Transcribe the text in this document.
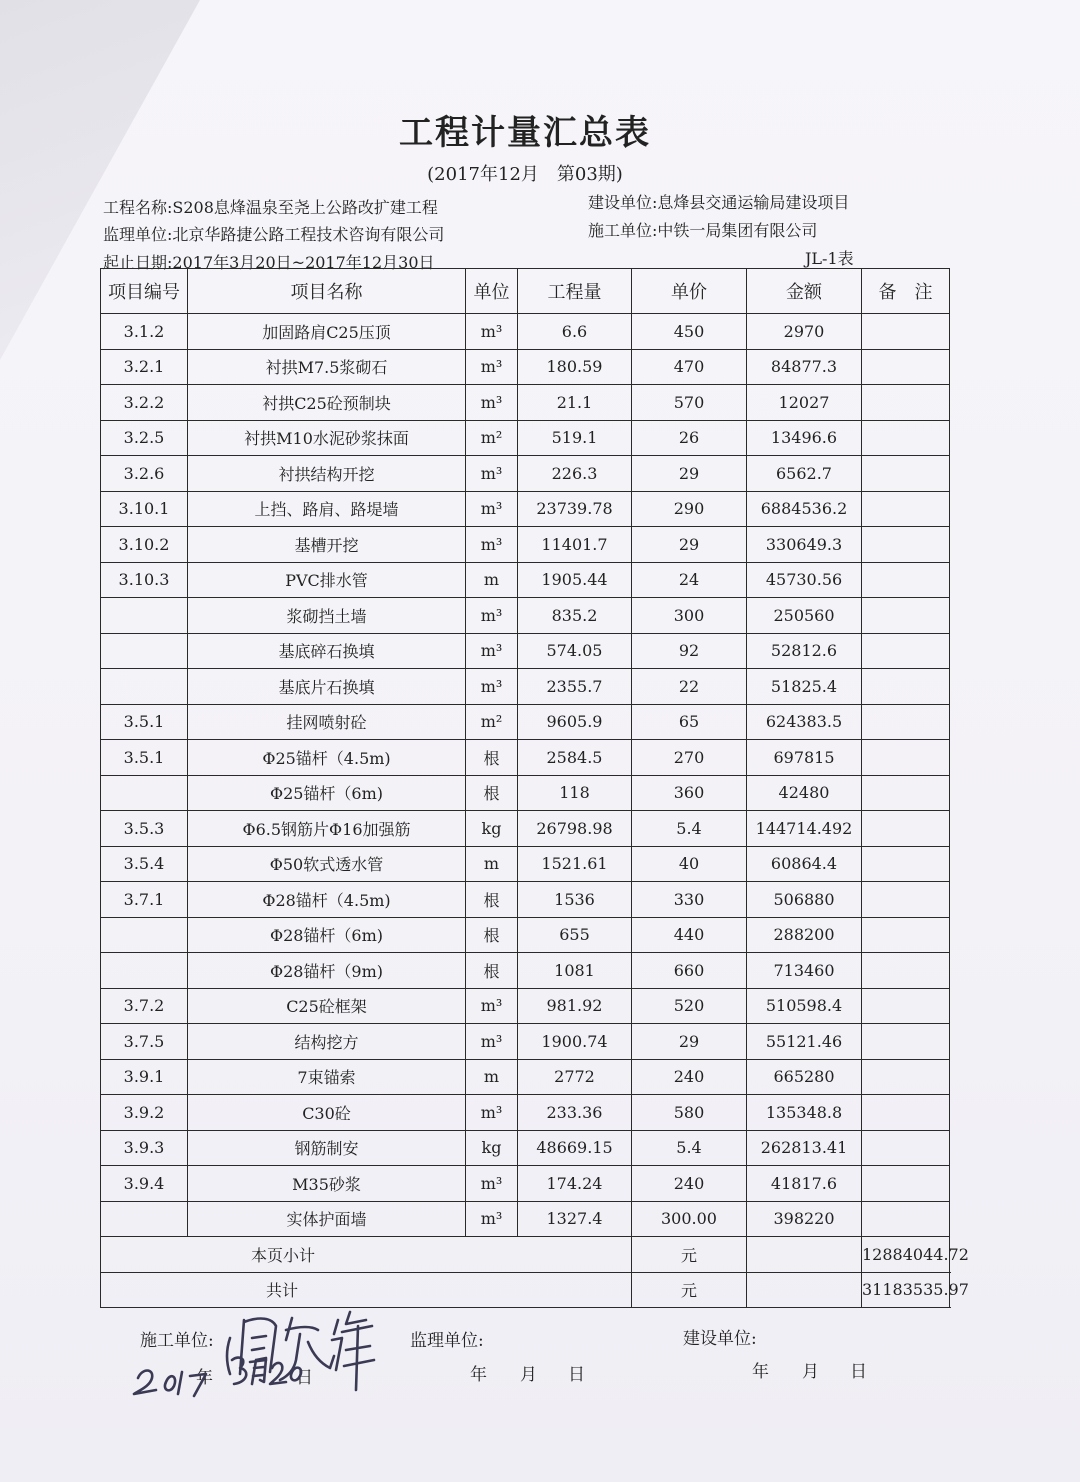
工程计量汇总表
(2017年12月　第03期)
工程名称:S208息烽温泉至尧上公路改扩建工程	建设单位:息烽县交通运输局建设项目
监理单位:北京华路捷公路工程技术咨询有限公司	施工单位:中铁一局集团有限公司
起止日期:2017年3月20日~2017年12月30日	JL-1表
项目编号	项目名称	单位	工程量	单价	金额	备　注
3.1.2	加固路肩C25压顶	m³	6.6	450	2970	
3.2.1	衬拱M7.5浆砌石	m³	180.59	470	84877.3	
3.2.2	衬拱C25砼预制块	m³	21.1	570	12027	
3.2.5	衬拱M10水泥砂浆抹面	m²	519.1	26	13496.6	
3.2.6	衬拱结构开挖	m³	226.3	29	6562.7	
3.10.1	上挡、路肩、路堤墙	m³	23739.78	290	6884536.2	
3.10.2	基槽开挖	m³	11401.7	29	330649.3	
3.10.3	PVC排水管	m	1905.44	24	45730.56	
	浆砌挡土墙	m³	835.2	300	250560	
	基底碎石换填	m³	574.05	92	52812.6	
	基底片石换填	m³	2355.7	22	51825.4	
3.5.1	挂网喷射砼	m²	9605.9	65	624383.5	
3.5.1	Φ25锚杆（4.5m)	根	2584.5	270	697815	
	Φ25锚杆（6m)	根	118	360	42480	
3.5.3	Φ6.5钢筋片Φ16加强筋	kg	26798.98	5.4	144714.492	
3.5.4	Φ50软式透水管	m	1521.61	40	60864.4	
3.7.1	Φ28锚杆（4.5m)	根	1536	330	506880	
	Φ28锚杆（6m)	根	655	440	288200	
	Φ28锚杆（9m)	根	1081	660	713460	
3.7.2	C25砼框架	m³	981.92	520	510598.4	
3.7.5	结构挖方	m³	1900.74	29	55121.46	
3.9.1	7束锚索	m	2772	240	665280	
3.9.2	C30砼	m³	233.36	580	135348.8	
3.9.3	钢筋制安	kg	48669.15	5.4	262813.41	
3.9.4	M35砂浆	m³	174.24	240	41817.6	
	实体护面墙	m³	1327.4	300.00	398220	
本页小计				元		12884044.72
共计				元		31183535.97
施工单位:	监理单位:	建设单位:
年	日	年 月 日	年 月 日
